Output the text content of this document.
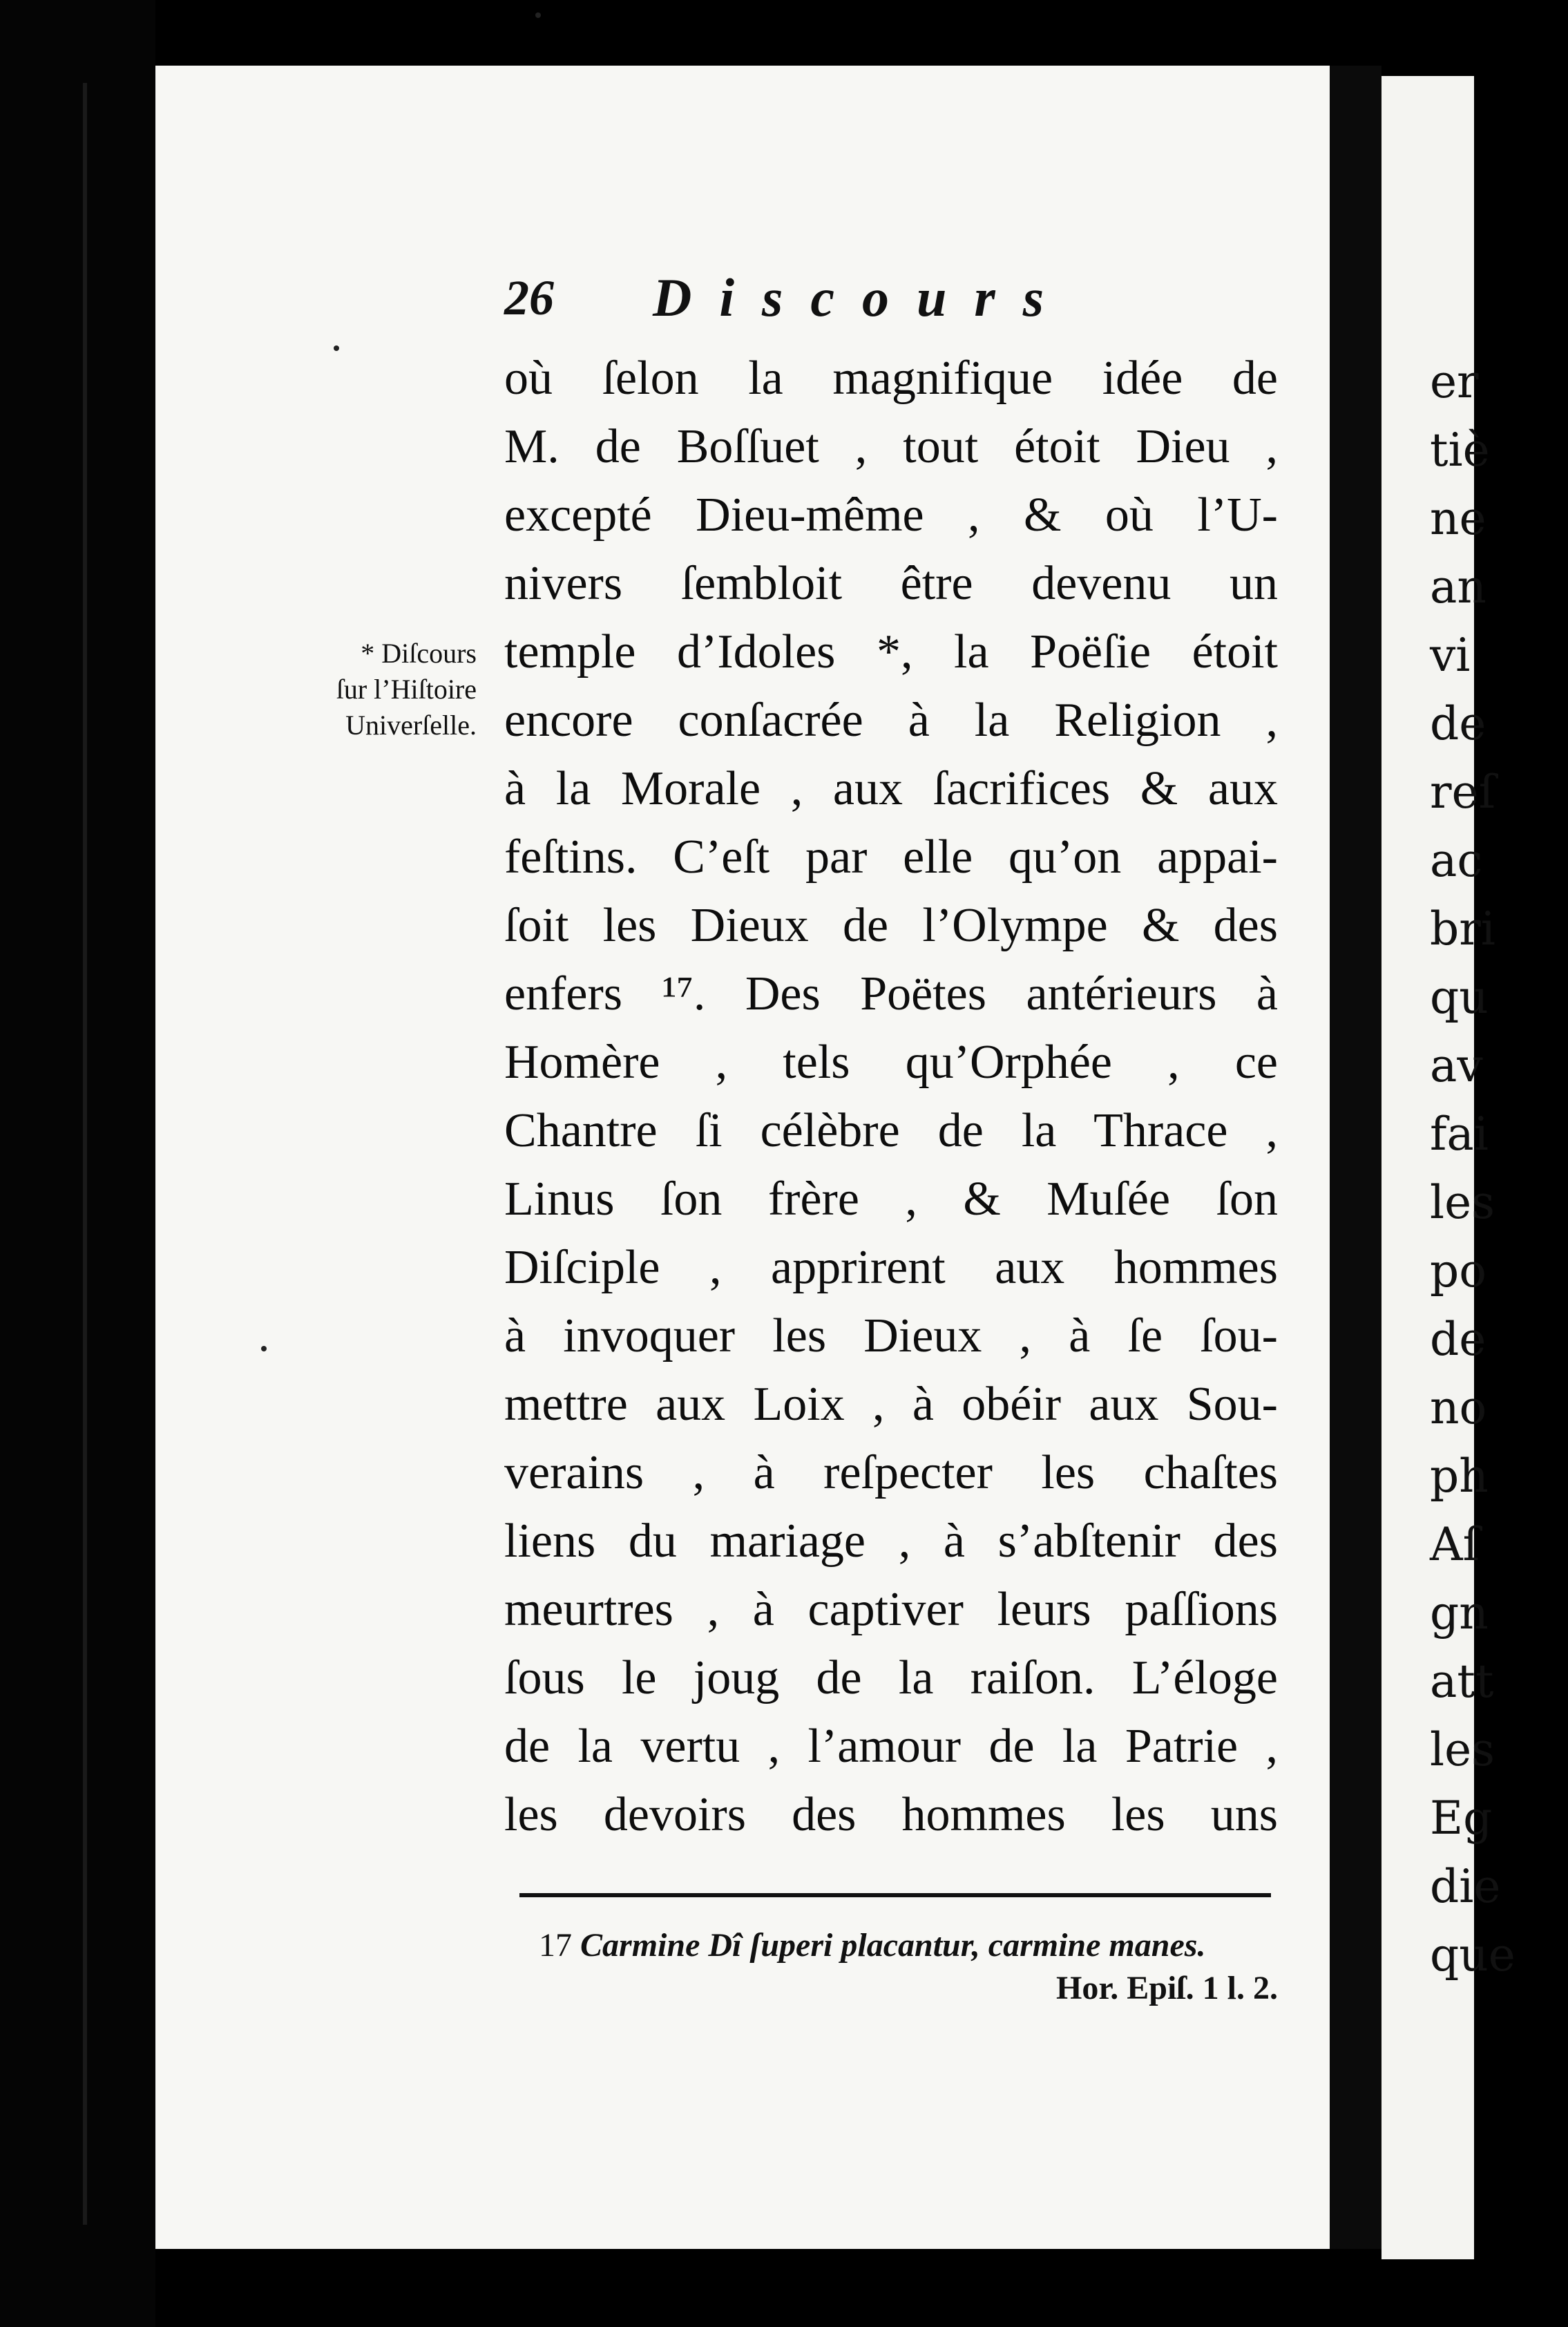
er
tiè
ne
an
vi
de
reſ
ac
bri
qu
av
fai
les
po
de
no
ph
Aſ
gn
att
les
Eg
die
que
26 Discours
où ſelon la magnifique idée de
M. de Boſſuet , tout étoit Dieu ,
excepté Dieu-même , & où l’U-
nivers ſembloit être devenu un
temple d’Idoles *, la Poëſie étoit
encore conſacrée à la Religion ,
à la Morale , aux ſacrifices & aux
feſtins. C’eſt par elle qu’on appai-
ſoit les Dieux de l’Olympe & des
enfers ¹⁷. Des Poëtes antérieurs à
Homère , tels qu’Orphée , ce
Chantre ſi célèbre de la Thrace ,
Linus ſon frère , & Muſée ſon
Diſciple , apprirent aux hommes
à invoquer les Dieux , à ſe ſou-
mettre aux Loix , à obéir aux Sou-
verains , à reſpecter les chaſtes
liens du mariage , à s’abſtenir des
meurtres , à captiver leurs paſſions
ſous le joug de la raiſon. L’éloge
de la vertu , l’amour de la Patrie ,
les devoirs des hommes les uns
* Diſcours
ſur l’Hiſtoire
Univerſelle.
17 Carmine Dî ſuperi placantur, carmine manes.
Hor. Epiſ. 1 l. 2.
